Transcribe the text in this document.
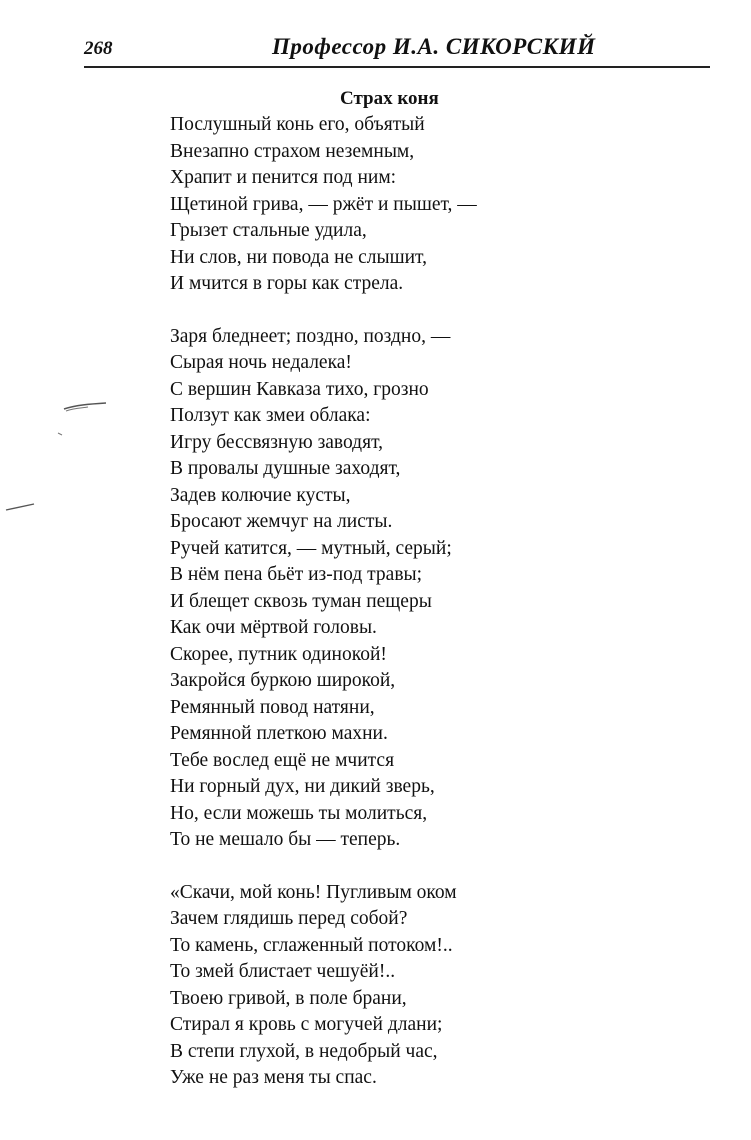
268	Профессор И.А. СИКОРСКИЙ
Страх коня
Послушный конь его, объятый
Внезапно страхом неземным,
Храпит и пенится под ним:
Щетиной грива, — ржёт и пышет, —
Грызет стальные удила,
Ни слов, ни повода не слышит,
И мчится в горы как стрела.
Заря бледнеет; поздно, поздно, —
Сырая ночь недалека!
С вершин Кавказа тихо, грозно
Ползут как змеи облака:
Игру бессвязную заводят,
В провалы душные заходят,
Задев колючие кусты,
Бросают жемчуг на листы.
Ручей катится, — мутный, серый;
В нём пена бьёт из-под травы;
И блещет сквозь туман пещеры
Как очи мёртвой головы.
Скорее, путник одинокой!
Закройся буркою широкой,
Ремянный повод натяни,
Ремянной плеткою махни.
Тебе вослед ещё не мчится
Ни горный дух, ни дикий зверь,
Но, если можешь ты молиться,
То не мешало бы — теперь.
«Скачи, мой конь! Пугливым оком
Зачем глядишь перед собой?
То камень, сглаженный потоком!..
То змей блистает чешуёй!..
Твоею гривой, в поле брани,
Стирал я кровь с могучей длани;
В степи глухой, в недобрый час,
Уже не раз меня ты спас.
